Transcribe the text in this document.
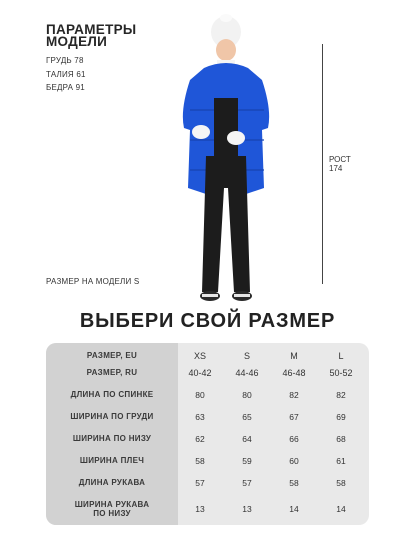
ПАРАМЕТРЫ МОДЕЛИ
ГРУДЬ 78
ТАЛИЯ 61
БЕДРА 91
РОСТ
174
РАЗМЕР НА МОДЕЛИ S
ВЫБЕРИ СВОЙ РАЗМЕР
РАЗМЕР, EU	XS	S	M	L
РАЗМЕР, RU	40-42	44-46	46-48	50-52
ДЛИНА ПО СПИНКЕ	80	80	82	82
ШИРИНА ПО ГРУДИ	63	65	67	69
ШИРИНА ПО НИЗУ	62	64	66	68
ШИРИНА ПЛЕЧ	58	59	60	61
ДЛИНА РУКАВА	57	57	58	58
ШИРИНА РУКАВА
ПО НИЗУ	13	13	14	14
